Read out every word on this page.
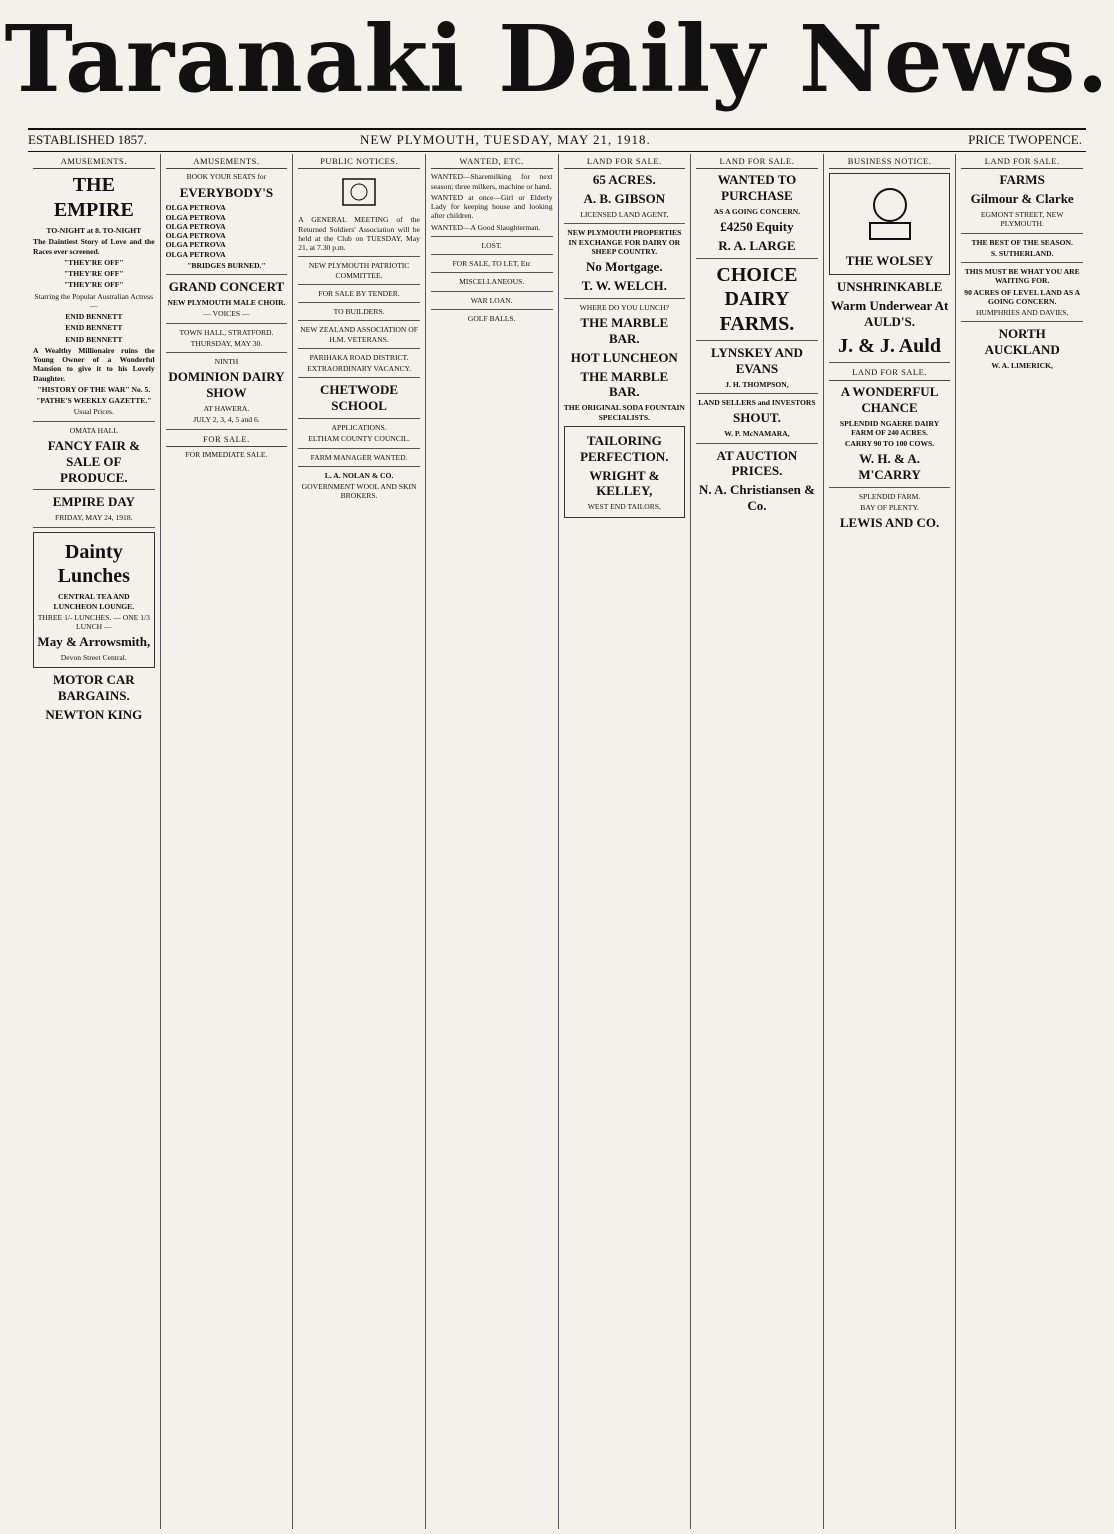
Taranaki Daily News.
ESTABLISHED 1857.	NEW PLYMOUTH, TUESDAY, MAY 21, 1918.	PRICE TWOPENCE.
AMUSEMENTS.
THE EMPIRE
TO-NIGHT at 8. TO-NIGHT
The Daintiest Story of Love and the Races ever screened.
"THEY'RE OFF"
"THEY'RE OFF"
"THEY'RE OFF"
Starring the Popular Australian Actress—
ENID BENNETT
ENID BENNETT
ENID BENNETT
A Wealthy Millionaire ruins the Young Owner of a Wonderful Mansion to give it to his Lovely Daughter.
"HISTORY OF THE WAR" No. 5.
"PATHE'S WEEKLY GAZETTE."
Usual Prices.
OMATA HALL
FANCY FAIR & SALE OF PRODUCE.
EMPIRE DAY
FRIDAY, MAY 24, 1918.
Dainty Lunches
CENTRAL TEA AND LUNCHEON LOUNGE.
THREE 1/- LUNCHES. — ONE 1/3 LUNCH —
May & Arrowsmith,
Devon Street Central.
MOTOR CAR BARGAINS.
NEWTON KING
AMUSEMENTS.
BOOK YOUR SEATS for
EVERYBODY'S
OLGA PETROVA
OLGA PETROVA
OLGA PETROVA
OLGA PETROVA
OLGA PETROVA
OLGA PETROVA
"BRIDGES BURNED."
GRAND CONCERT
NEW PLYMOUTH MALE CHOIR.
— VOICES —
TOWN HALL, STRATFORD.
THURSDAY, MAY 30.
NINTH
DOMINION DAIRY SHOW
AT HAWERA.
JULY 2, 3, 4, 5 and 6.
FOR SALE.
FOR IMMEDIATE SALE.
PUBLIC NOTICES.
A GENERAL MEETING of the Returned Soldiers' Association will be held at the Club on TUESDAY, May 21, at 7.30 p.m.
NEW PLYMOUTH PATRIOTIC COMMITTEE.
FOR SALE BY TENDER.
TO BUILDERS.
NEW ZEALAND ASSOCIATION OF H.M. VETERANS.
PARIHAKA ROAD DISTRICT.
EXTRAORDINARY VACANCY.
CHETWODE SCHOOL
APPLICATIONS.
ELTHAM COUNTY COUNCIL.
FARM MANAGER WANTED.
L. A. NOLAN & CO.
GOVERNMENT WOOL AND SKIN BROKERS.
WANTED, ETC.
WANTED—Sharemilking for next season; three milkers, machine or hand.
WANTED at once—Girl or Elderly Lady for keeping house and looking after children.
WANTED—A Good Slaughterman.
LOST.
FOR SALE, TO LET, Etc
MISCELLANEOUS.
WAR LOAN.
GOLF BALLS.
LAND FOR SALE.
65 ACRES.
A. B. GIBSON
LICENSED LAND AGENT,
NEW PLYMOUTH PROPERTIES IN EXCHANGE FOR DAIRY OR SHEEP COUNTRY.
No Mortgage.
T. W. WELCH.
WHERE DO YOU LUNCH?
THE MARBLE BAR.
HOT LUNCHEON
THE MARBLE BAR.
THE ORIGINAL SODA FOUNTAIN SPECIALISTS.
TAILORING PERFECTION.
WRIGHT & KELLEY,
WEST END TAILORS,
LAND FOR SALE.
WANTED TO PURCHASE
AS A GOING CONCERN.
£4250 Equity
R. A. LARGE
CHOICE DAIRY FARMS.
LYNSKEY AND EVANS
J. H. THOMPSON,
LAND SELLERS and INVESTORS
SHOUT.
W. P. McNAMARA,
AT AUCTION PRICES.
N. A. Christiansen & Co.
BUSINESS NOTICE.
THE WOLSEY
UNSHRINKABLE
Warm Underwear At AULD'S.
J. & J. Auld
LAND FOR SALE.
A WONDERFUL CHANCE
SPLENDID NGAERE DAIRY FARM OF 240 ACRES.
CARRY 90 TO 100 COWS.
W. H. & A. M'CARRY
SPLENDID FARM.
BAY OF PLENTY.
LEWIS AND CO.
LAND FOR SALE.
FARMS
Gilmour & Clarke
EGMONT STREET, NEW PLYMOUTH.
THE BEST OF THE SEASON.
S. SUTHERLAND.
THIS MUST BE WHAT YOU ARE WAITING FOR.
90 ACRES OF LEVEL LAND AS A GOING CONCERN.
HUMPHRIES AND DAVIES,
NORTH AUCKLAND
W. A. LIMERICK,
